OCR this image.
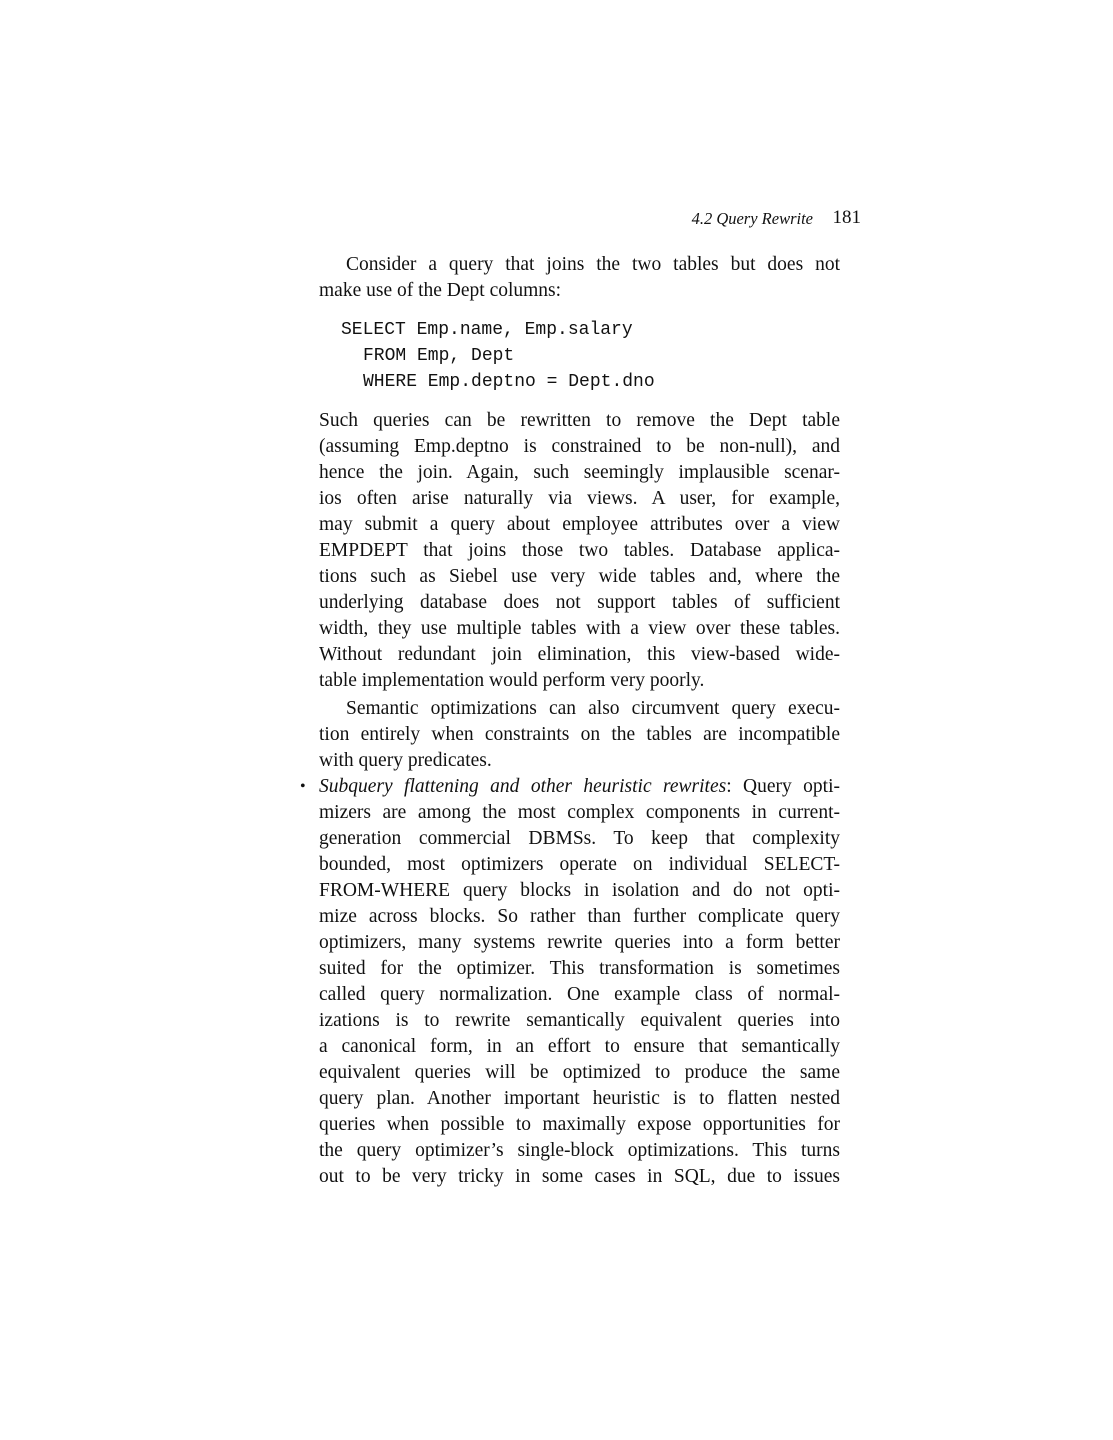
4.2 Query Rewrite 181
Consider a query that joins the two tables but does not
make use of the Dept columns:
SELECT Emp.name, Emp.salary
FROM Emp, Dept
WHERE Emp.deptno = Dept.dno
Such queries can be rewritten to remove the Dept table
(assuming Emp.deptno is constrained to be non-null), and
hence the join. Again, such seemingly implausible scenar-
ios often arise naturally via views. A user, for example,
may submit a query about employee attributes over a view
EMPDEPT that joins those two tables. Database applica-
tions such as Siebel use very wide tables and, where the
underlying database does not support tables of sufficient
width, they use multiple tables with a view over these tables.
Without redundant join elimination, this view-based wide-
table implementation would perform very poorly.
Semantic optimizations can also circumvent query execu-
tion entirely when constraints on the tables are incompatible
with query predicates.
• Subquery flattening and other heuristic rewrites: Query opti-
mizers are among the most complex components in current-
generation commercial DBMSs. To keep that complexity
bounded, most optimizers operate on individual SELECT-
FROM-WHERE query blocks in isolation and do not opti-
mize across blocks. So rather than further complicate query
optimizers, many systems rewrite queries into a form better
suited for the optimizer. This transformation is sometimes
called query normalization. One example class of normal-
izations is to rewrite semantically equivalent queries into
a canonical form, in an effort to ensure that semantically
equivalent queries will be optimized to produce the same
query plan. Another important heuristic is to flatten nested
queries when possible to maximally expose opportunities for
the query optimizer’s single-block optimizations. This turns
out to be very tricky in some cases in SQL, due to issues
